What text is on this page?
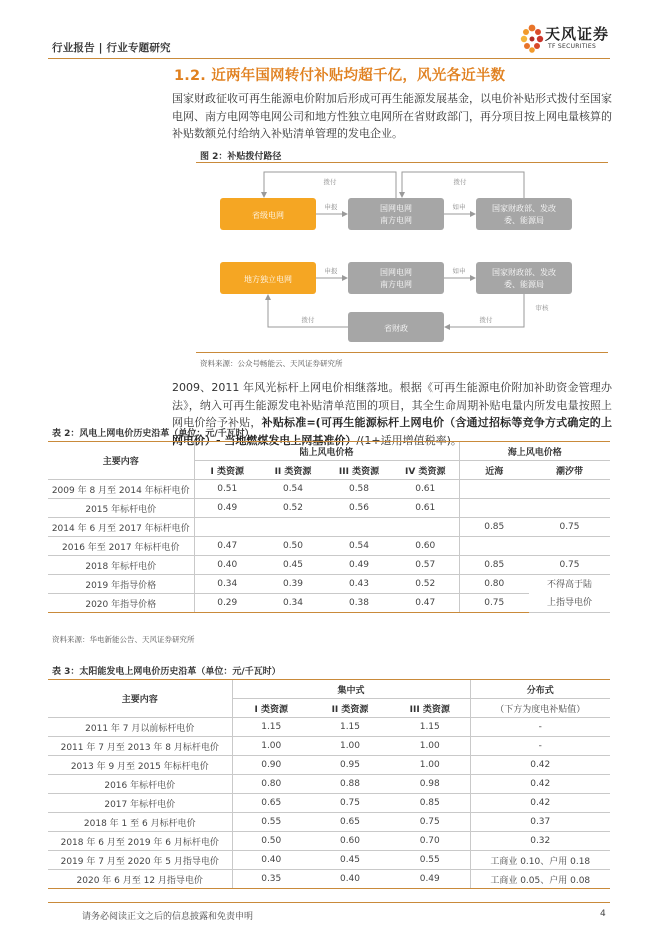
行业报告 | 行业专题研究
天风证券
TF SECURITIES
1.2. 近两年国网转付补贴均超千亿，风光各近半数
国家财政征收可再生能源电价附加后形成可再生能源发展基金，以电价补贴形式拨付至国家电网、南方电网等电网公司和地方性独立电网所在省财政部门，再分项目按上网电量核算的补贴数额兑付给纳入补贴清单管理的发电企业。
图 2：补贴拨付路径
省级电网
国网电网
南方电网
国家财政部、发改
委、能源局
申报	如申
拨付	拨付
地方独立电网
国网电网
南方电网
国家财政部、发改
委、能源局
省财政
申报	如申
审核
拨付
拨付
资料来源：公众号畅能云、天风证券研究所
2009、2011 年风光标杆上网电价相继落地。根据《可再生能源电价附加补助资金管理办法》，纳入可再生能源发电补贴清单范围的项目，其全生命周期补贴电量内所发电量按照上网电价给予补贴，补贴标准=(可再生能源标杆上网电价（含通过招标等竞争方式确定的上网电价）- 当地燃煤发电上网基准价）/(1+适用增值税率)。
表 2：风电上网电价历史沿革（单位：元/千瓦时）
主要内容	陆上风电价格				海上风电价格	
	I 类资源	II 类资源	III 类资源	IV 类资源	近海	潮汐带
2009 年 8 月至 2014 年标杆电价	0.51	0.54	0.58	0.61		
2015 年标杆电价	0.49	0.52	0.56	0.61		
2014 年 6 月至 2017 年标杆电价					0.85	0.75
2016 年至 2017 年标杆电价	0.47	0.50	0.54	0.60		
2018 年标杆电价	0.40	0.45	0.49	0.57	0.85	0.75
2019 年指导价格	0.34	0.39	0.43	0.52	0.80	不得高于陆
上指导电价
2020 年指导价格	0.29	0.34	0.38	0.47	0.75	
资料来源：华电新能公告、天风证券研究所
表 3：太阳能发电上网电价历史沿革（单位：元/千瓦时）
主要内容	集中式			分布式
	I 类资源	II 类资源	III 类资源	（下方为度电补贴值）
2011 年 7 月以前标杆电价	1.15	1.15	1.15	-
2011 年 7 月至 2013 年 8 月标杆电价	1.00	1.00	1.00	-
2013 年 9 月至 2015 年标杆电价	0.90	0.95	1.00	0.42
2016 年标杆电价	0.80	0.88	0.98	0.42
2017 年标杆电价	0.65	0.75	0.85	0.42
2018 年 1 至 6 月标杆电价	0.55	0.65	0.75	0.37
2018 年 6 月至 2019 年 6 月标杆电价	0.50	0.60	0.70	0.32
2019 年 7 月至 2020 年 5 月指导电价	0.40	0.45	0.55	工商业 0.10、户用 0.18
2020 年 6 月至 12 月指导电价	0.35	0.40	0.49	工商业 0.05、户用 0.08
请务必阅读正文之后的信息披露和免责申明	4
